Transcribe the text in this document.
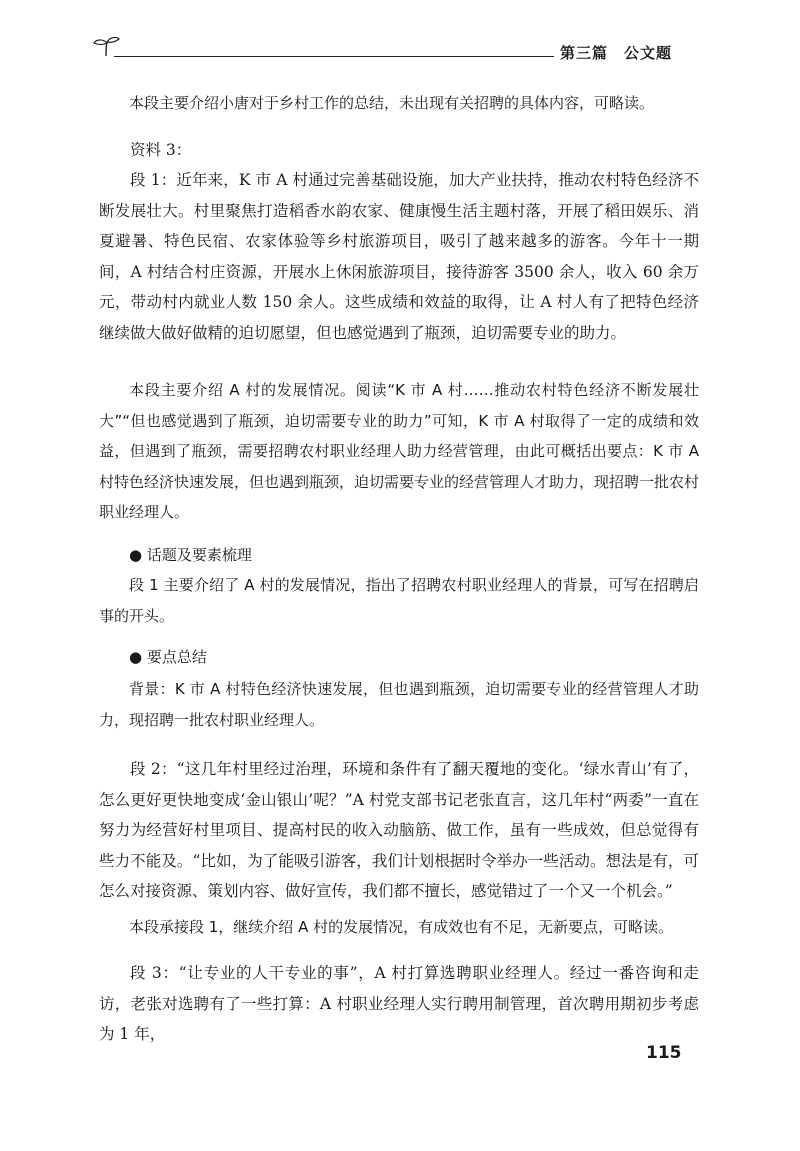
第三篇　公文题

本段主要介绍小唐对于乡村工作的总结，未出现有关招聘的具体内容，可略读。

资料 3：

段 1：近年来，K 市 A 村通过完善基础设施，加大产业扶持，推动农村特色经济不断发展壮大。村里聚焦打造稻香水韵农家、健康慢生活主题村落，开展了稻田娱乐、消夏避暑、特色民宿、农家体验等乡村旅游项目，吸引了越来越多的游客。今年十一期间，A 村结合村庄资源，开展水上休闲旅游项目，接待游客 3500 余人，收入 60 余万元，带动村内就业人数 150 余人。这些成绩和效益的取得，让 A 村人有了把特色经济继续做大做好做精的迫切愿望，但也感觉遇到了瓶颈，迫切需要专业的助力。

本段主要介绍 A 村的发展情况。阅读“K 市 A 村……推动农村特色经济不断发展壮大”“但也感觉遇到了瓶颈，迫切需要专业的助力”可知，K 市 A 村取得了一定的成绩和效益，但遇到了瓶颈，需要招聘农村职业经理人助力经营管理，由此可概括出要点：K 市 A 村特色经济快速发展，但也遇到瓶颈，迫切需要专业的经营管理人才助力，现招聘一批农村职业经理人。

● 话题及要素梳理

段 1 主要介绍了 A 村的发展情况，指出了招聘农村职业经理人的背景，可写在招聘启事的开头。

● 要点总结

背景：K 市 A 村特色经济快速发展，但也遇到瓶颈，迫切需要专业的经营管理人才助力，现招聘一批农村职业经理人。

段 2：“这几年村里经过治理，环境和条件有了翻天覆地的变化。‘绿水青山’有了，怎么更好更快地变成‘金山银山’呢？”A 村党支部书记老张直言，这几年村“两委”一直在努力为经营好村里项目、提高村民的收入动脑筋、做工作，虽有一些成效，但总觉得有些力不能及。“比如，为了能吸引游客，我们计划根据时令举办一些活动。想法是有，可怎么对接资源、策划内容、做好宣传，我们都不擅长，感觉错过了一个又一个机会。”

本段承接段 1，继续介绍 A 村的发展情况，有成效也有不足，无新要点，可略读。

段 3：“让专业的人干专业的事”，A 村打算选聘职业经理人。经过一番咨询和走访，老张对选聘有了一些打算：A 村职业经理人实行聘用制管理，首次聘用期初步考虑为 1 年，

115
